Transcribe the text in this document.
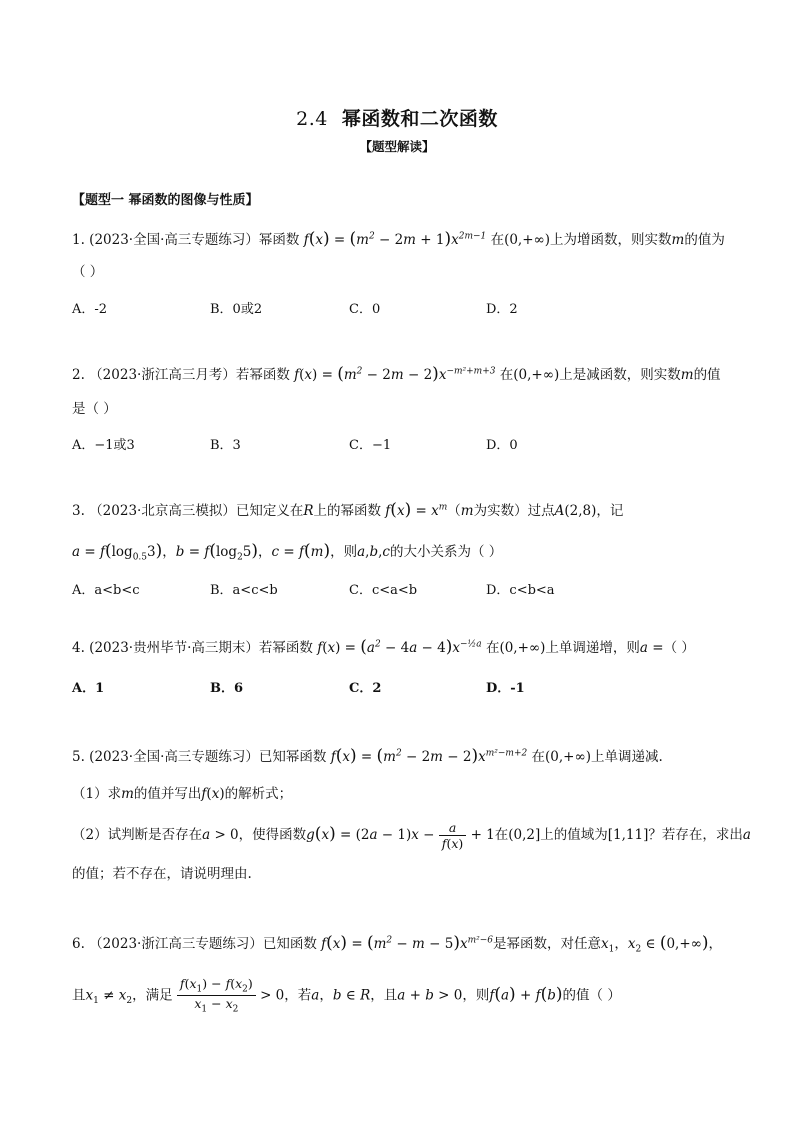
2.4 幂函数和二次函数
【题型解读】
【题型一 幂函数的图像与性质】
1. (2023·全国·高三专题练习）幂函数 $f(x) = (m^2 - 2m + 1)x^{2m-1}$ 在(0,+∞)上为增函数，则实数m的值为
（ ）
A．-2	B．0或2	C．0	D．2
2. （2023·浙江高三月考）若幂函数 $f(x) = (m^2 - 2m - 2)x^{-m^2+m+3}$ 在(0,+∞)上是减函数，则实数m的值
是（ ）
A．−1或3	B．3	C．−1	D．0
3. （2023·北京高三模拟）已知定义在R上的幂函数 $f(x) = x^m(m$为实数）过点A(2,8)，记
$a = f(\log_{0.5}3)$，$b = f(\log_25)$，c = f(m)，则a,b,c的大小关系为（ ）
A．a<b<c	B．a<c<b	C．c<a<b	D．c<b<a
4. (2023·贵州毕节·高三期末）若幂函数 $f(x) = (a^2 - 4a - 4)x^{-\frac{1}{2}a}$ 在(0,+∞)上单调递增，则a =（ ）
A．1	B．6	C．2	D．-1
5. (2023·全国·高三专题练习）已知幂函数 $f(x) = (m^2 - 2m - 2)x^{m^2-m+2}$ 在(0,+∞)上单调递减.
（1）求m的值并写出f(x)的解析式；
（2）试判断是否存在a > 0，使得函数$g(x) = (2a - 1)x - \frac{a}{f(x)} + 1$在(0,2]上的值域为[1,11]？若存在，求出a
的值；若不存在，请说明理由.
6. （2023·浙江高三专题练习）已知函数 $f(x) = (m^2 - m - 5)x^{m^2-6}$是幂函数，对任意$x_1$，$x_2$ ∈ (0,+∞)，
且$x_1 \ne x_2$，满足 $\frac{f(x_1) - f(x_2)}{x_1 - x_2} > 0$，若a，b ∈ R，且a + b > 0，则f(a) + f(b)的值（ ）
